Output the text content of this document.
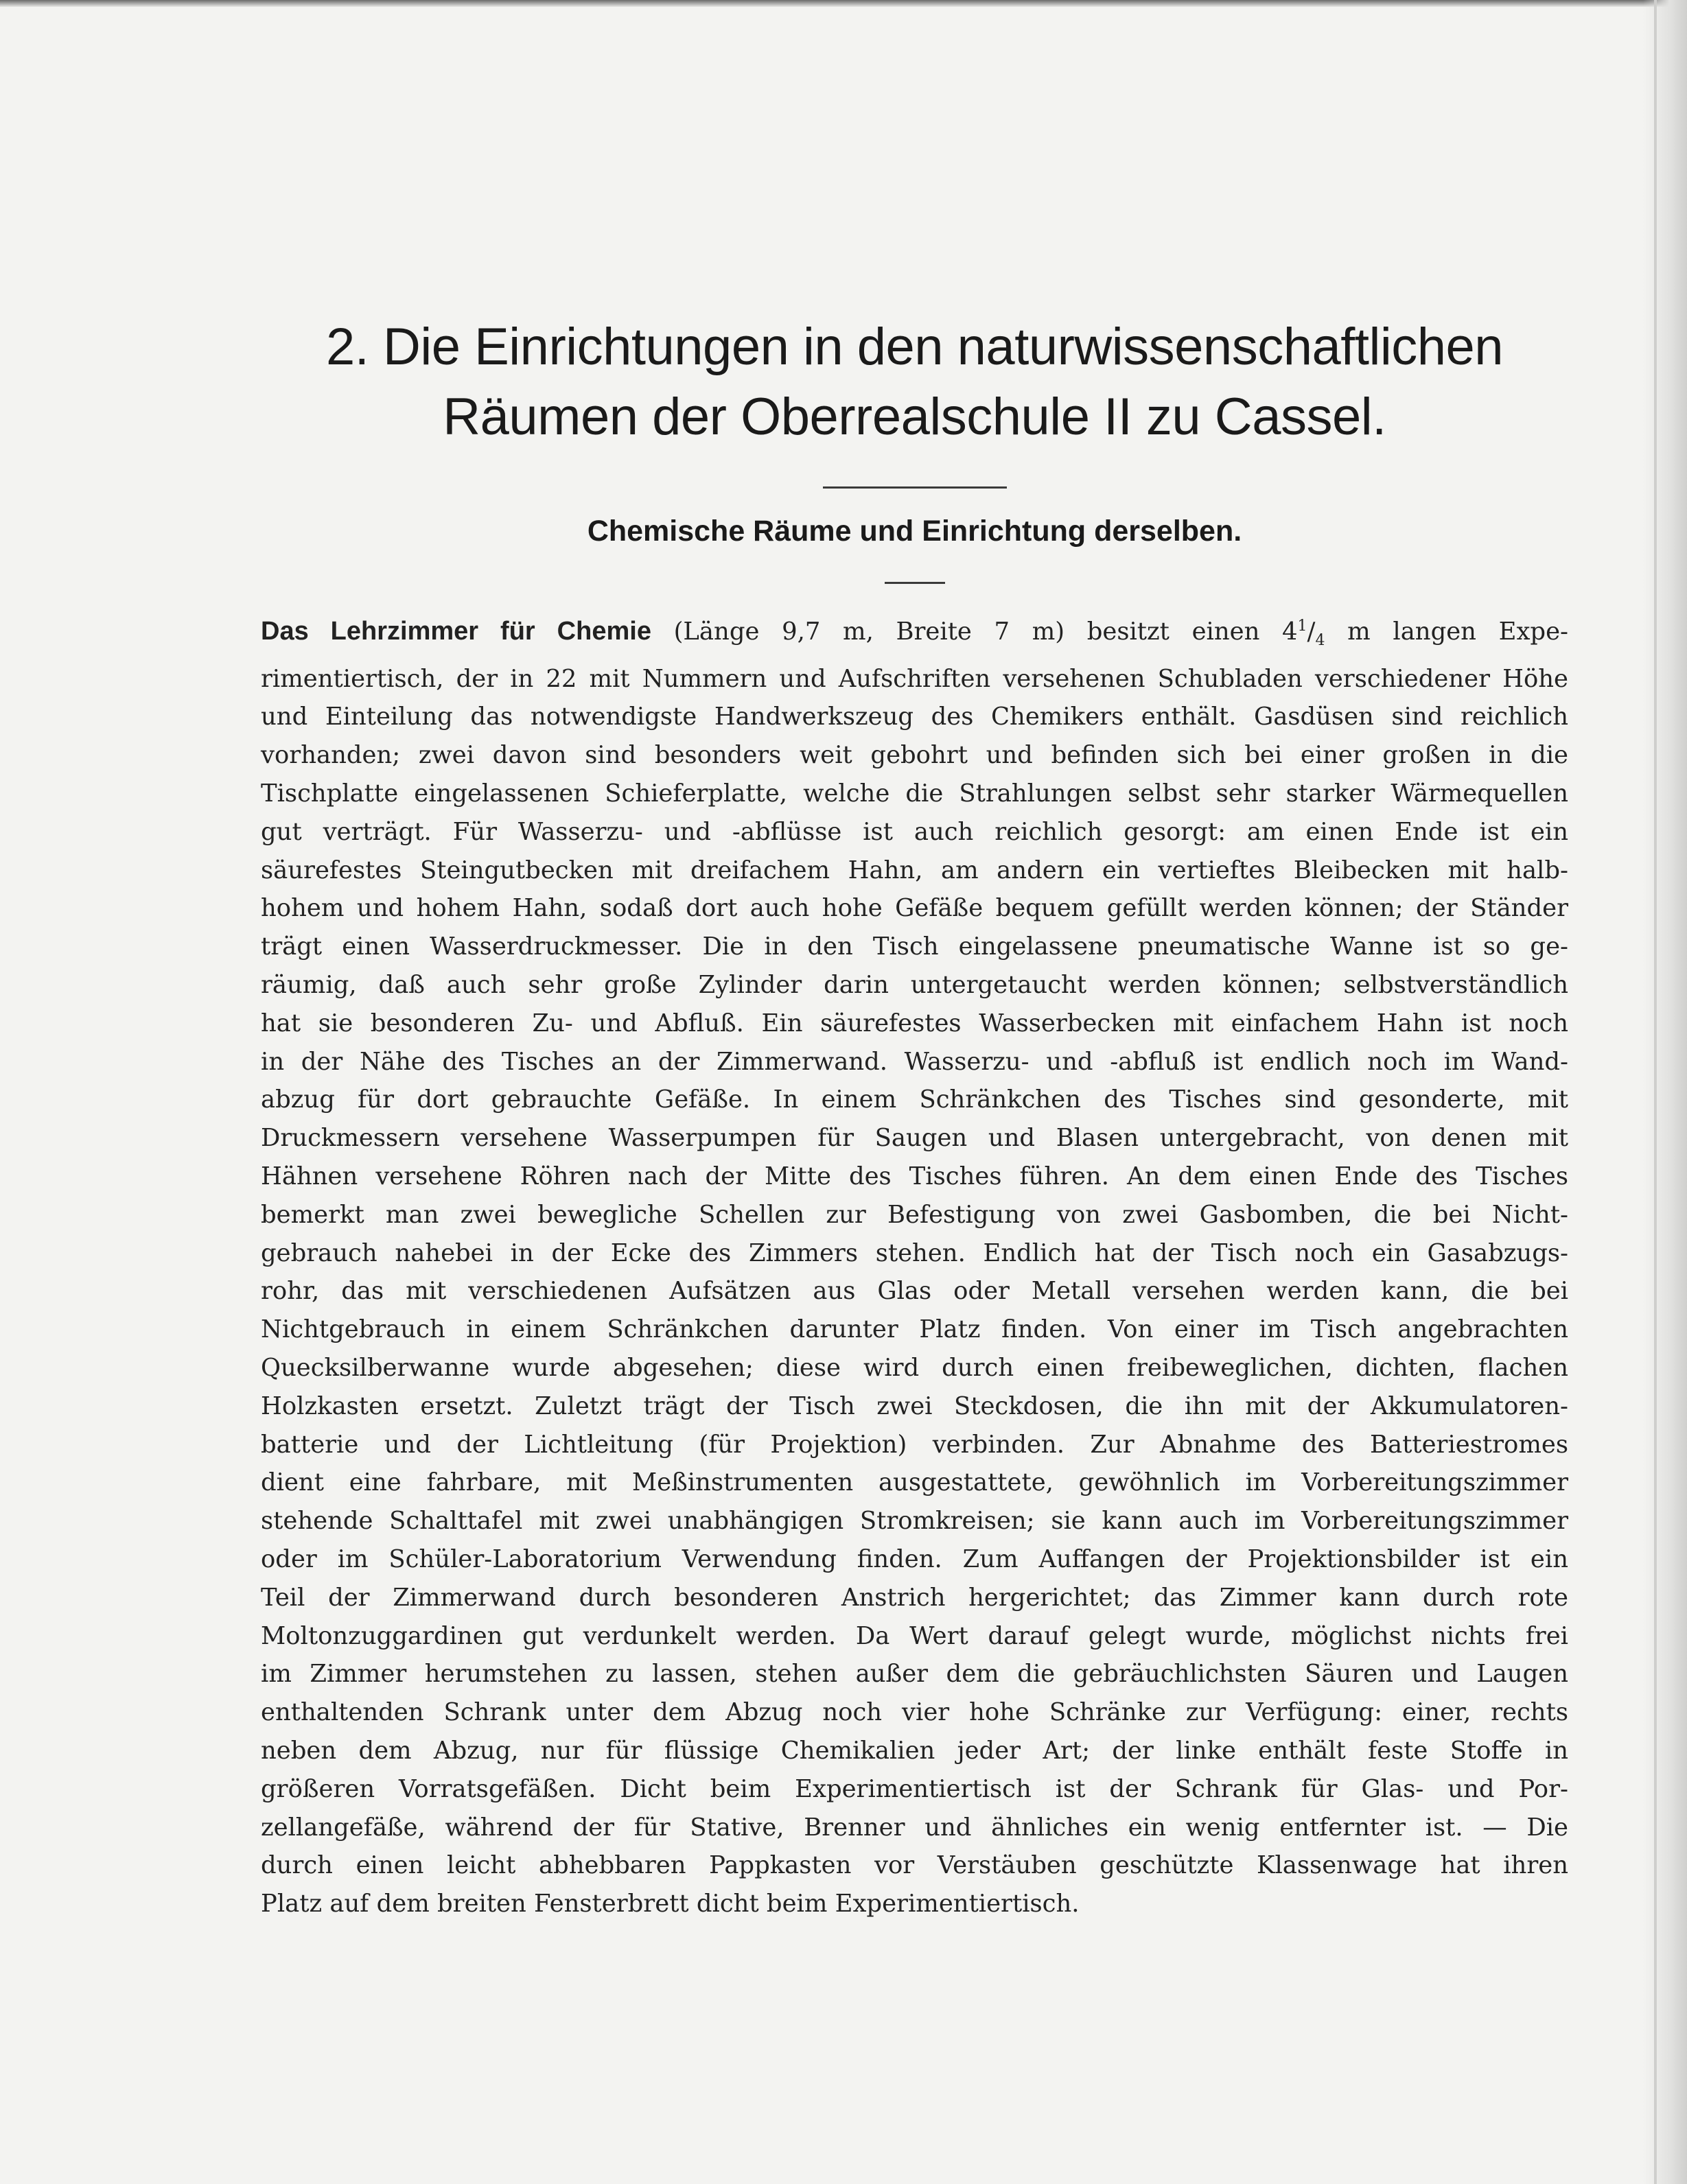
2. Die Einrichtungen in den naturwissenschaftlichen
Räumen der Oberrealschule II zu Cassel.
Chemische Räume und Einrichtung derselben.
Das Lehrzimmer für Chemie (Länge 9,7 m, Breite 7 m) besitzt einen $4^1/_4$ m langen Expe-
rimentiertisch, der in 22 mit Nummern und Aufschriften versehenen Schubladen verschiedener Höhe
und Einteilung das notwendigste Handwerkszeug des Chemikers enthält. Gasdüsen sind reichlich
vorhanden; zwei davon sind besonders weit gebohrt und befinden sich bei einer großen in die
Tischplatte eingelassenen Schieferplatte, welche die Strahlungen selbst sehr starker Wärmequellen
gut verträgt. Für Wasserzu- und -abflüsse ist auch reichlich gesorgt: am einen Ende ist ein
säurefestes Steingutbecken mit dreifachem Hahn, am andern ein vertieftes Bleibecken mit halb-
hohem und hohem Hahn, sodaß dort auch hohe Gefäße bequem gefüllt werden können; der Ständer
trägt einen Wasserdruckmesser. Die in den Tisch eingelassene pneumatische Wanne ist so ge-
räumig, daß auch sehr große Zylinder darin untergetaucht werden können; selbstverständlich
hat sie besonderen Zu- und Abfluß. Ein säurefestes Wasserbecken mit einfachem Hahn ist noch
in der Nähe des Tisches an der Zimmerwand. Wasserzu- und -abfluß ist endlich noch im Wand-
abzug für dort gebrauchte Gefäße. In einem Schränkchen des Tisches sind gesonderte, mit
Druckmessern versehene Wasserpumpen für Saugen und Blasen untergebracht, von denen mit
Hähnen versehene Röhren nach der Mitte des Tisches führen. An dem einen Ende des Tisches
bemerkt man zwei bewegliche Schellen zur Befestigung von zwei Gasbomben, die bei Nicht-
gebrauch nahebei in der Ecke des Zimmers stehen. Endlich hat der Tisch noch ein Gasabzugs-
rohr, das mit verschiedenen Aufsätzen aus Glas oder Metall versehen werden kann, die bei
Nichtgebrauch in einem Schränkchen darunter Platz finden. Von einer im Tisch angebrachten
Quecksilberwanne wurde abgesehen; diese wird durch einen freibeweglichen, dichten, flachen
Holzkasten ersetzt. Zuletzt trägt der Tisch zwei Steckdosen, die ihn mit der Akkumulatoren-
batterie und der Lichtleitung (für Projektion) verbinden. Zur Abnahme des Batteriestromes
dient eine fahrbare, mit Meßinstrumenten ausgestattete, gewöhnlich im Vorbereitungszimmer
stehende Schalttafel mit zwei unabhängigen Stromkreisen; sie kann auch im Vorbereitungszimmer
oder im Schüler-Laboratorium Verwendung finden. Zum Auffangen der Projektionsbilder ist ein
Teil der Zimmerwand durch besonderen Anstrich hergerichtet; das Zimmer kann durch rote
Moltonzuggardinen gut verdunkelt werden. Da Wert darauf gelegt wurde, möglichst nichts frei
im Zimmer herumstehen zu lassen, stehen außer dem die gebräuchlichsten Säuren und Laugen
enthaltenden Schrank unter dem Abzug noch vier hohe Schränke zur Verfügung: einer, rechts
neben dem Abzug, nur für flüssige Chemikalien jeder Art; der linke enthält feste Stoffe in
größeren Vorratsgefäßen. Dicht beim Experimentiertisch ist der Schrank für Glas- und Por-
zellangefäße, während der für Stative, Brenner und ähnliches ein wenig entfernter ist. — Die
durch einen leicht abhebbaren Pappkasten vor Verstäuben geschützte Klassenwage hat ihren
Platz auf dem breiten Fensterbrett dicht beim Experimentiertisch.
